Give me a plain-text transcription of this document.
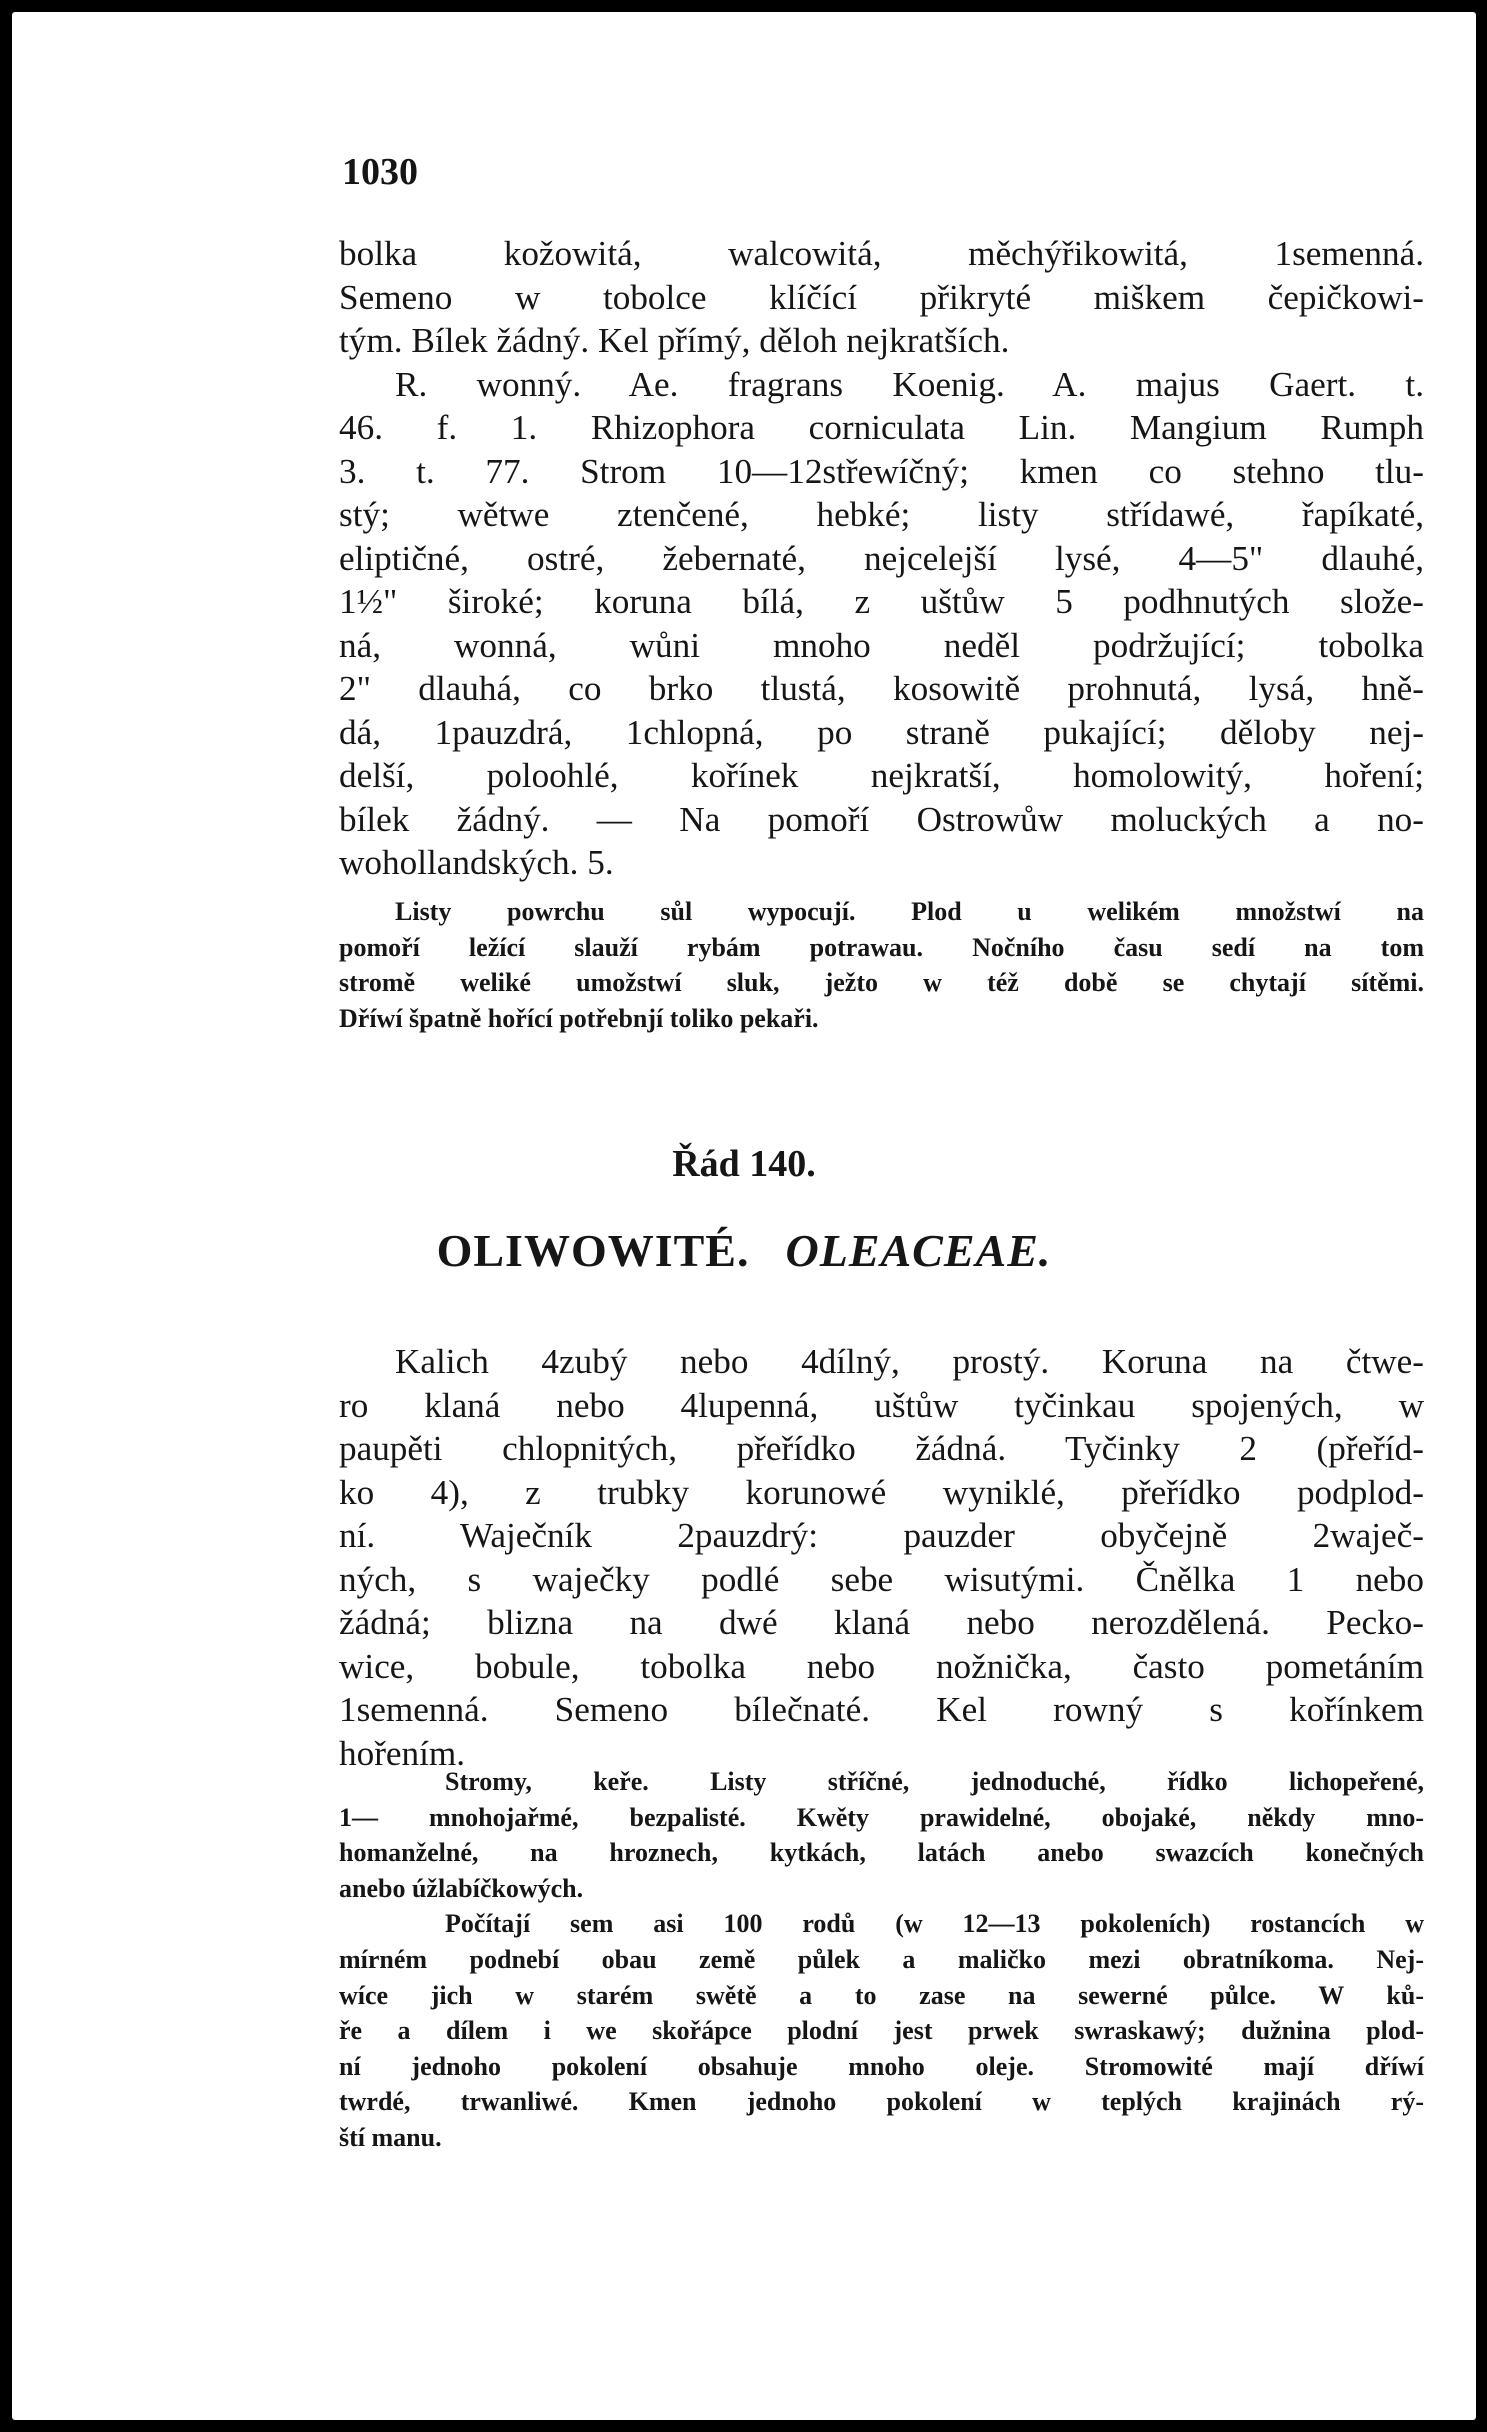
1030

bolka kožowitá, walcowitá, měchýřikowitá, 1semenná.
Semeno w tobolce klíčící přikryté miškem čepičkowi-
tým. Bílek žádný. Kel přímý, děloh nejkratších.
R. wonný. Ae. fragrans Koenig. A. majus Gaert. t.
46. f. 1. Rhizophora corniculata Lin. Mangium Rumph
3. t. 77. Strom 10—12střewíčný; kmen co stehno tlu-
stý; wětwe ztenčené, hebké; listy střídawé, řapíkaté,
eliptičné, ostré, žebernaté, nejcelejší lysé, 4—5" dlauhé,
1½" široké; koruna bílá, z uštůw 5 podhnutých slože-
ná, wonná, wůni mnoho neděl podržující; tobolka
2" dlauhá, co brko tlustá, kosowitě prohnutá, lysá, hně-
dá, 1pauzdrá, 1chlopná, po straně pukající; děloby nej-
delší, poloohlé, kořínek nejkratší, homolowitý, hoření;
bílek žádný. — Na pomoří Ostrowůw moluckých a no-
wohollandských. 5.

Listy powrchu sůl wypocují. Plod u welikém množstwí na
pomoří ležící slauží rybám potrawau. Nočního času sedí na tom
stromě weliké umožstwí sluk, ježto w též době se chytají sítěmi.
Dříwí špatně hořící potřebnjí toliko pekaři.

Řád 140.
OLIWOWITÉ. OLEACEAE.

Kalich 4zubý nebo 4dílný, prostý. Koruna na čtwe-
ro klaná nebo 4lupenná, uštůw tyčinkau spojených, w
paupěti chlopnitých, přeřídko žádná. Tyčinky 2 (přeříd-
ko 4), z trubky korunowé wyniklé, přeřídko podplod-
ní. Waječník 2pauzdrý: pauzder obyčejně 2waječ-
ných, s waječky podlé sebe wisutými. Čnělka 1 nebo
žádná; blizna na dwé klaná nebo nerozdělená. Pecko-
wice, bobule, tobolka nebo nožnička, často pometáním
1semenná. Semeno bílečnaté. Kel rowný s kořínkem
hořením.

Stromy, keře. Listy stříčné, jednoduché, řídko lichopeřené,
1— mnohojařmé, bezpalisté. Kwěty prawidelné, obojaké, někdy mno-
homanželné, na hroznech, kytkách, latách anebo swazcích konečných
anebo úžlabíčkowých.
Počítají sem asi 100 rodů (w 12—13 pokoleních) rostancích w
mírném podnebí obau země půlek a maličko mezi obratníkoma. Nej-
wíce jich w starém swětě a to zase na sewerné půlce. W ků-
ře a dílem i we skořápce plodní jest prwek swraskawý; dužnina plod-
ní jednoho pokolení obsahuje mnoho oleje. Stromowité mají dříwí
twrdé, trwanliwé. Kmen jednoho pokolení w teplých krajinách rý-
ští manu.
